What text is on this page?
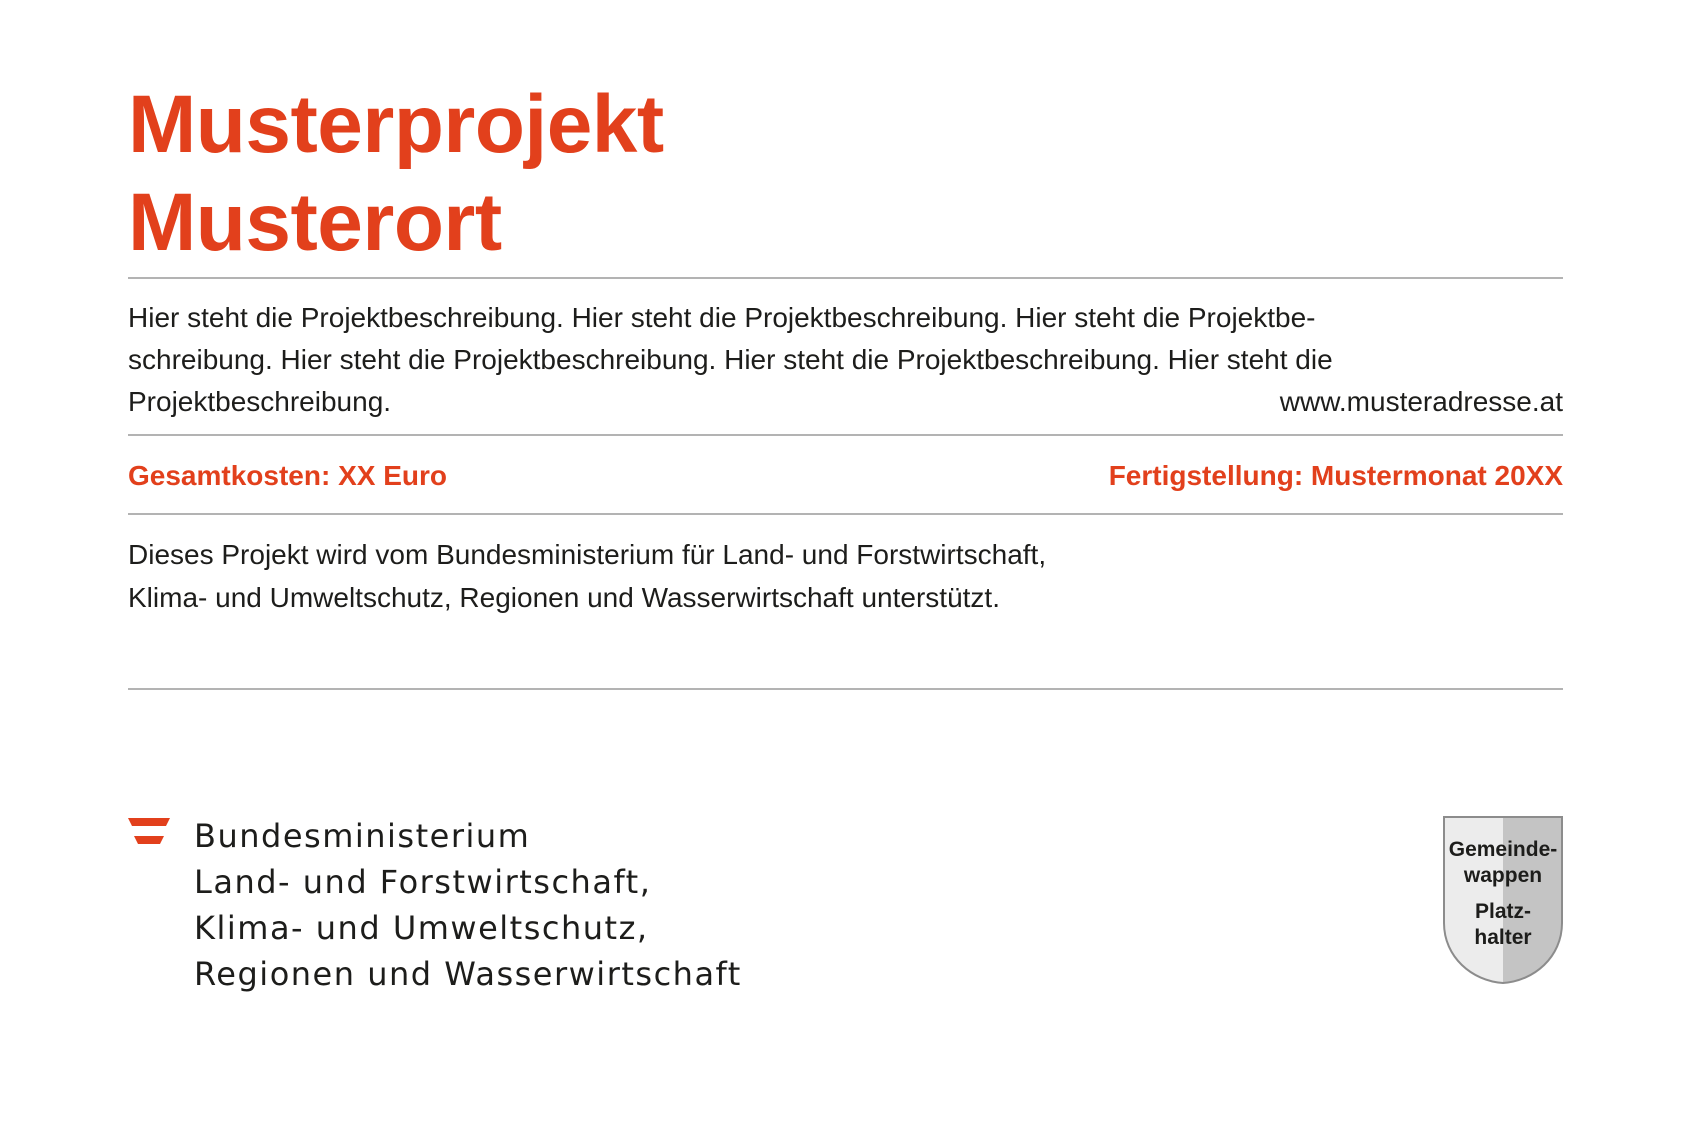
Musterprojekt
Musterort

Hier steht die Projektbeschreibung. Hier steht die Projektbeschreibung. Hier steht die Projektbe-
schreibung. Hier steht die Projektbeschreibung. Hier steht die Projektbeschreibung. Hier steht die
Projektbeschreibung.	www.musteradresse.at
Gesamtkosten: XX Euro	Fertigstellung: Mustermonat 20XX

Dieses Projekt wird vom Bundesministerium für Land- und Forstwirtschaft,
Klima- und Umweltschutz, Regionen und Wasserwirtschaft unterstützt.

Bundesministerium
Land- und Forstwirtschaft,
Klima- und Umweltschutz,
Regionen und Wasserwirtschaft
Gemeinde-
wappen
Platz-
halter
